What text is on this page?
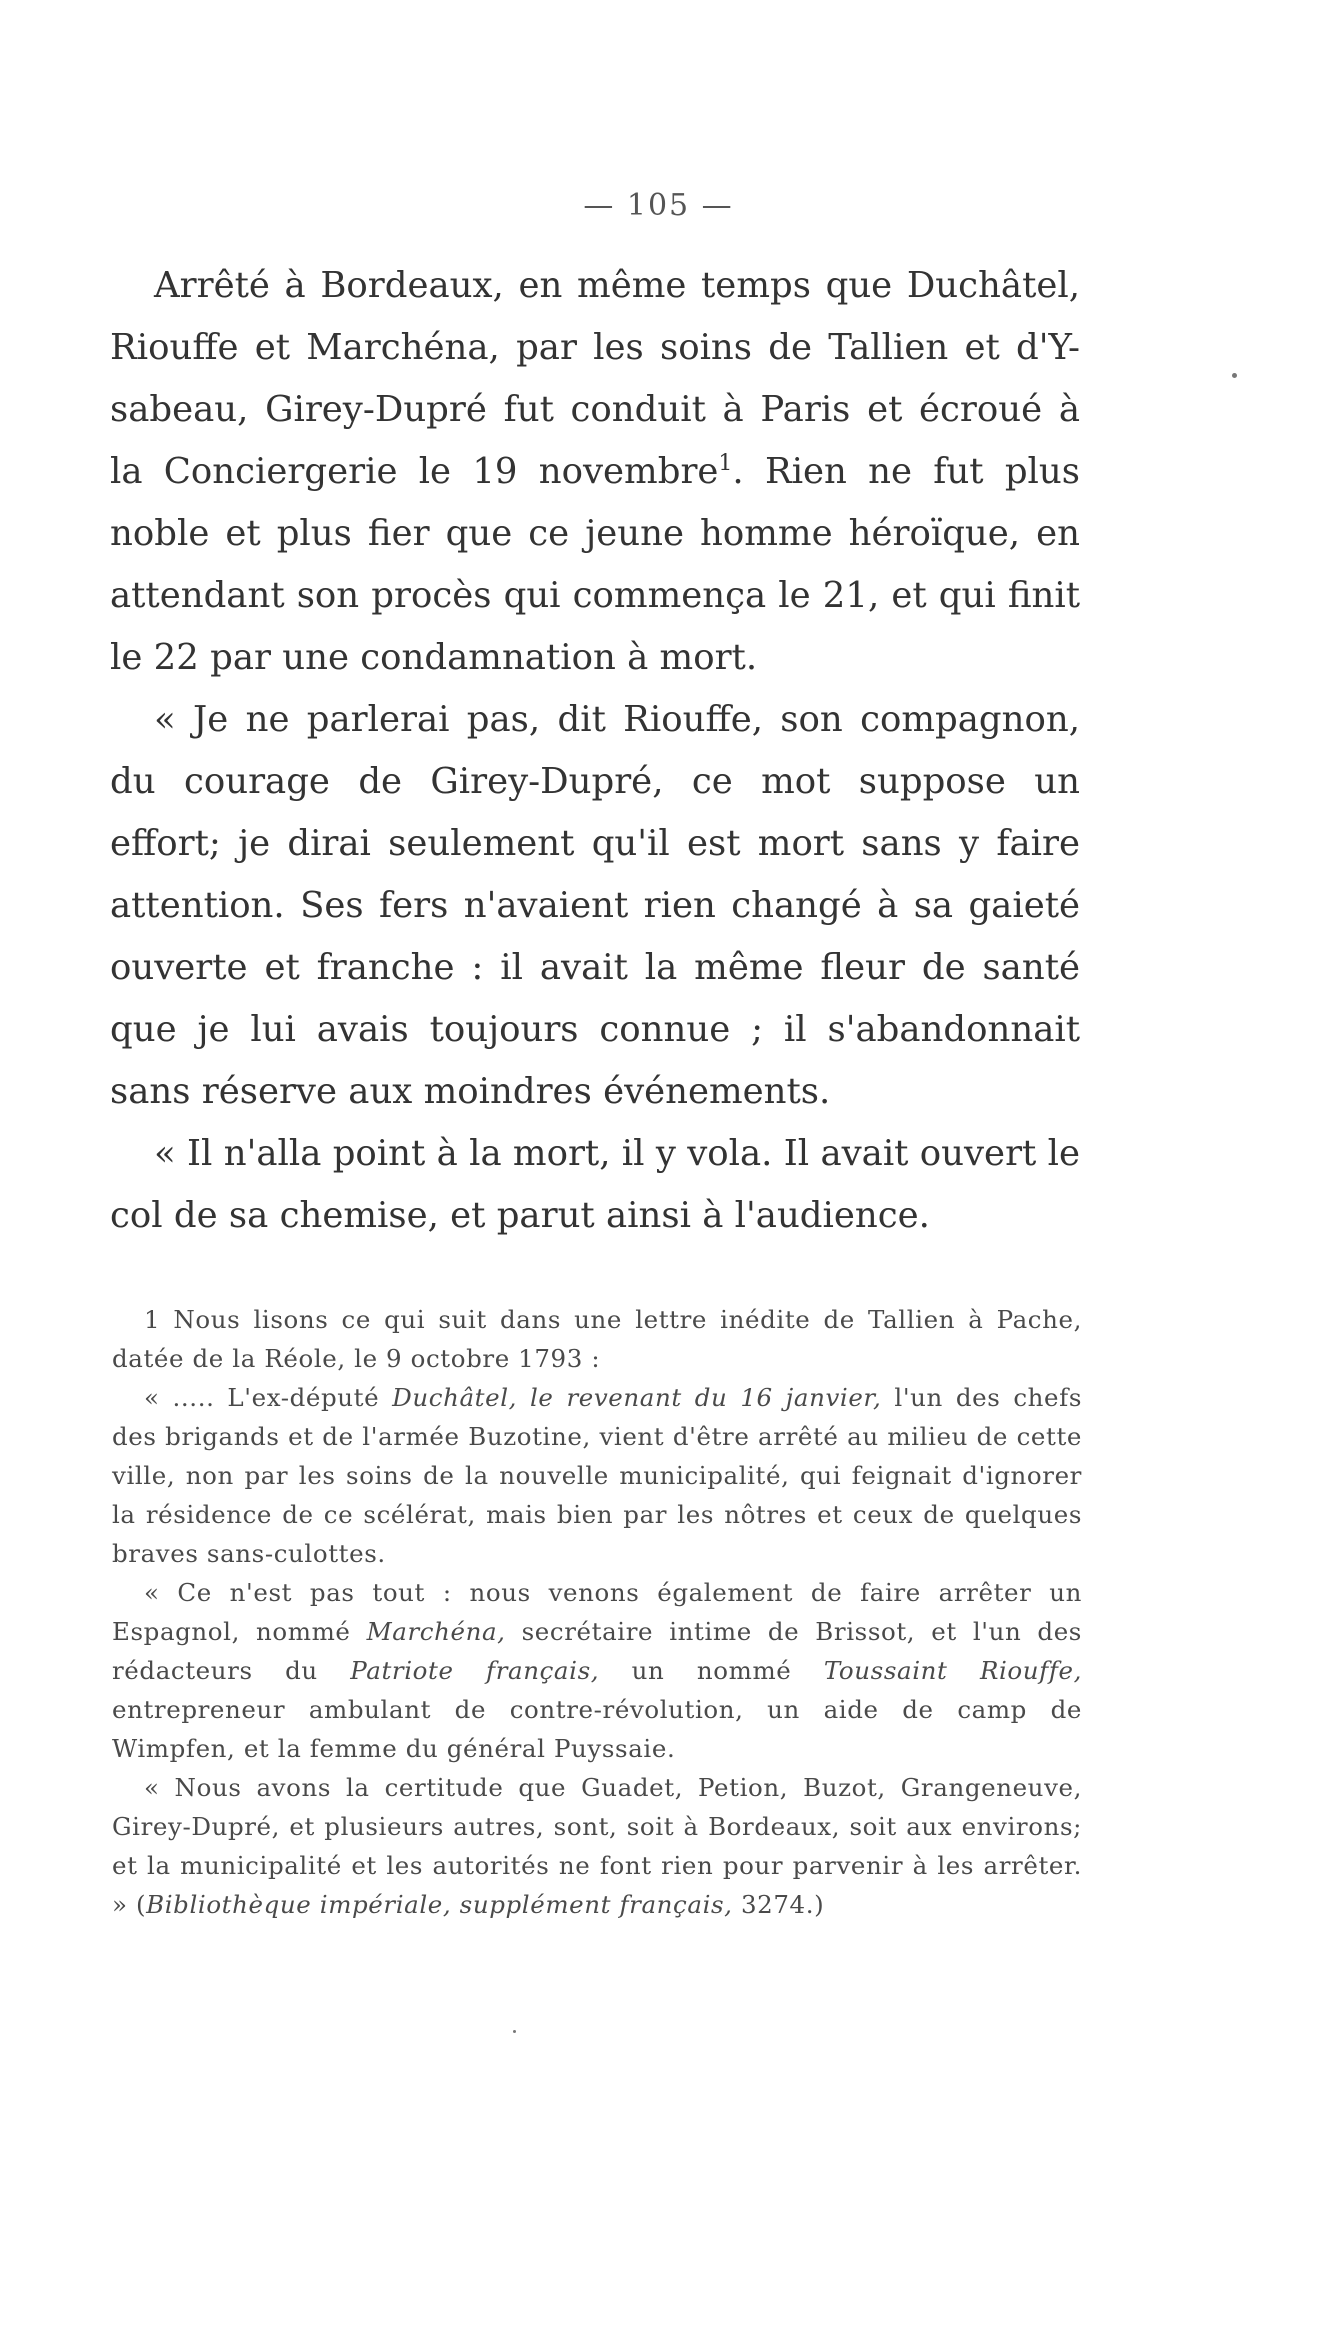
— 105 —

Arrêté à Bordeaux, en même temps que Duchâtel, Riouffe et Marchéna, par les soins de Tallien et d'Y-sabeau, Girey-Dupré fut conduit à Paris et écroué à la Conciergerie le 19 novembre$^1$. Rien ne fut plus noble et plus fier que ce jeune homme héroïque, en attendant son procès qui commença le 21, et qui finit le 22 par une condamnation à mort.

« Je ne parlerai pas, dit Riouffe, son compagnon, du courage de Girey-Dupré, ce mot suppose un effort; je dirai seulement qu'il est mort sans y faire attention. Ses fers n'avaient rien changé à sa gaieté ouverte et franche : il avait la même fleur de santé que je lui avais toujours connue ; il s'abandonnait sans réserve aux moindres événements.

« Il n'alla point à la mort, il y vola. Il avait ouvert le col de sa chemise, et parut ainsi à l'audience.

1 Nous lisons ce qui suit dans une lettre inédite de Tallien à Pache, datée de la Réole, le 9 octobre 1793 :

« ..... L'ex-député Duchâtel, le revenant du 16 janvier, l'un des chefs des brigands et de l'armée Buzotine, vient d'être arrêté au milieu de cette ville, non par les soins de la nouvelle municipalité, qui feignait d'ignorer la résidence de ce scélérat, mais bien par les nôtres et ceux de quelques braves sans-culottes.

« Ce n'est pas tout : nous venons également de faire arrêter un Espagnol, nommé Marchéna, secrétaire intime de Brissot, et l'un des rédacteurs du Patriote français, un nommé Toussaint Riouffe, entrepreneur ambulant de contre-révolution, un aide de camp de Wimpfen, et la femme du général Puyssaie.

« Nous avons la certitude que Guadet, Petion, Buzot, Grangeneuve, Girey-Dupré, et plusieurs autres, sont, soit à Bordeaux, soit aux environs; et la municipalité et les autorités ne font rien pour parvenir à les arrêter. » (Bibliothèque impériale, supplément français, 3274.)
